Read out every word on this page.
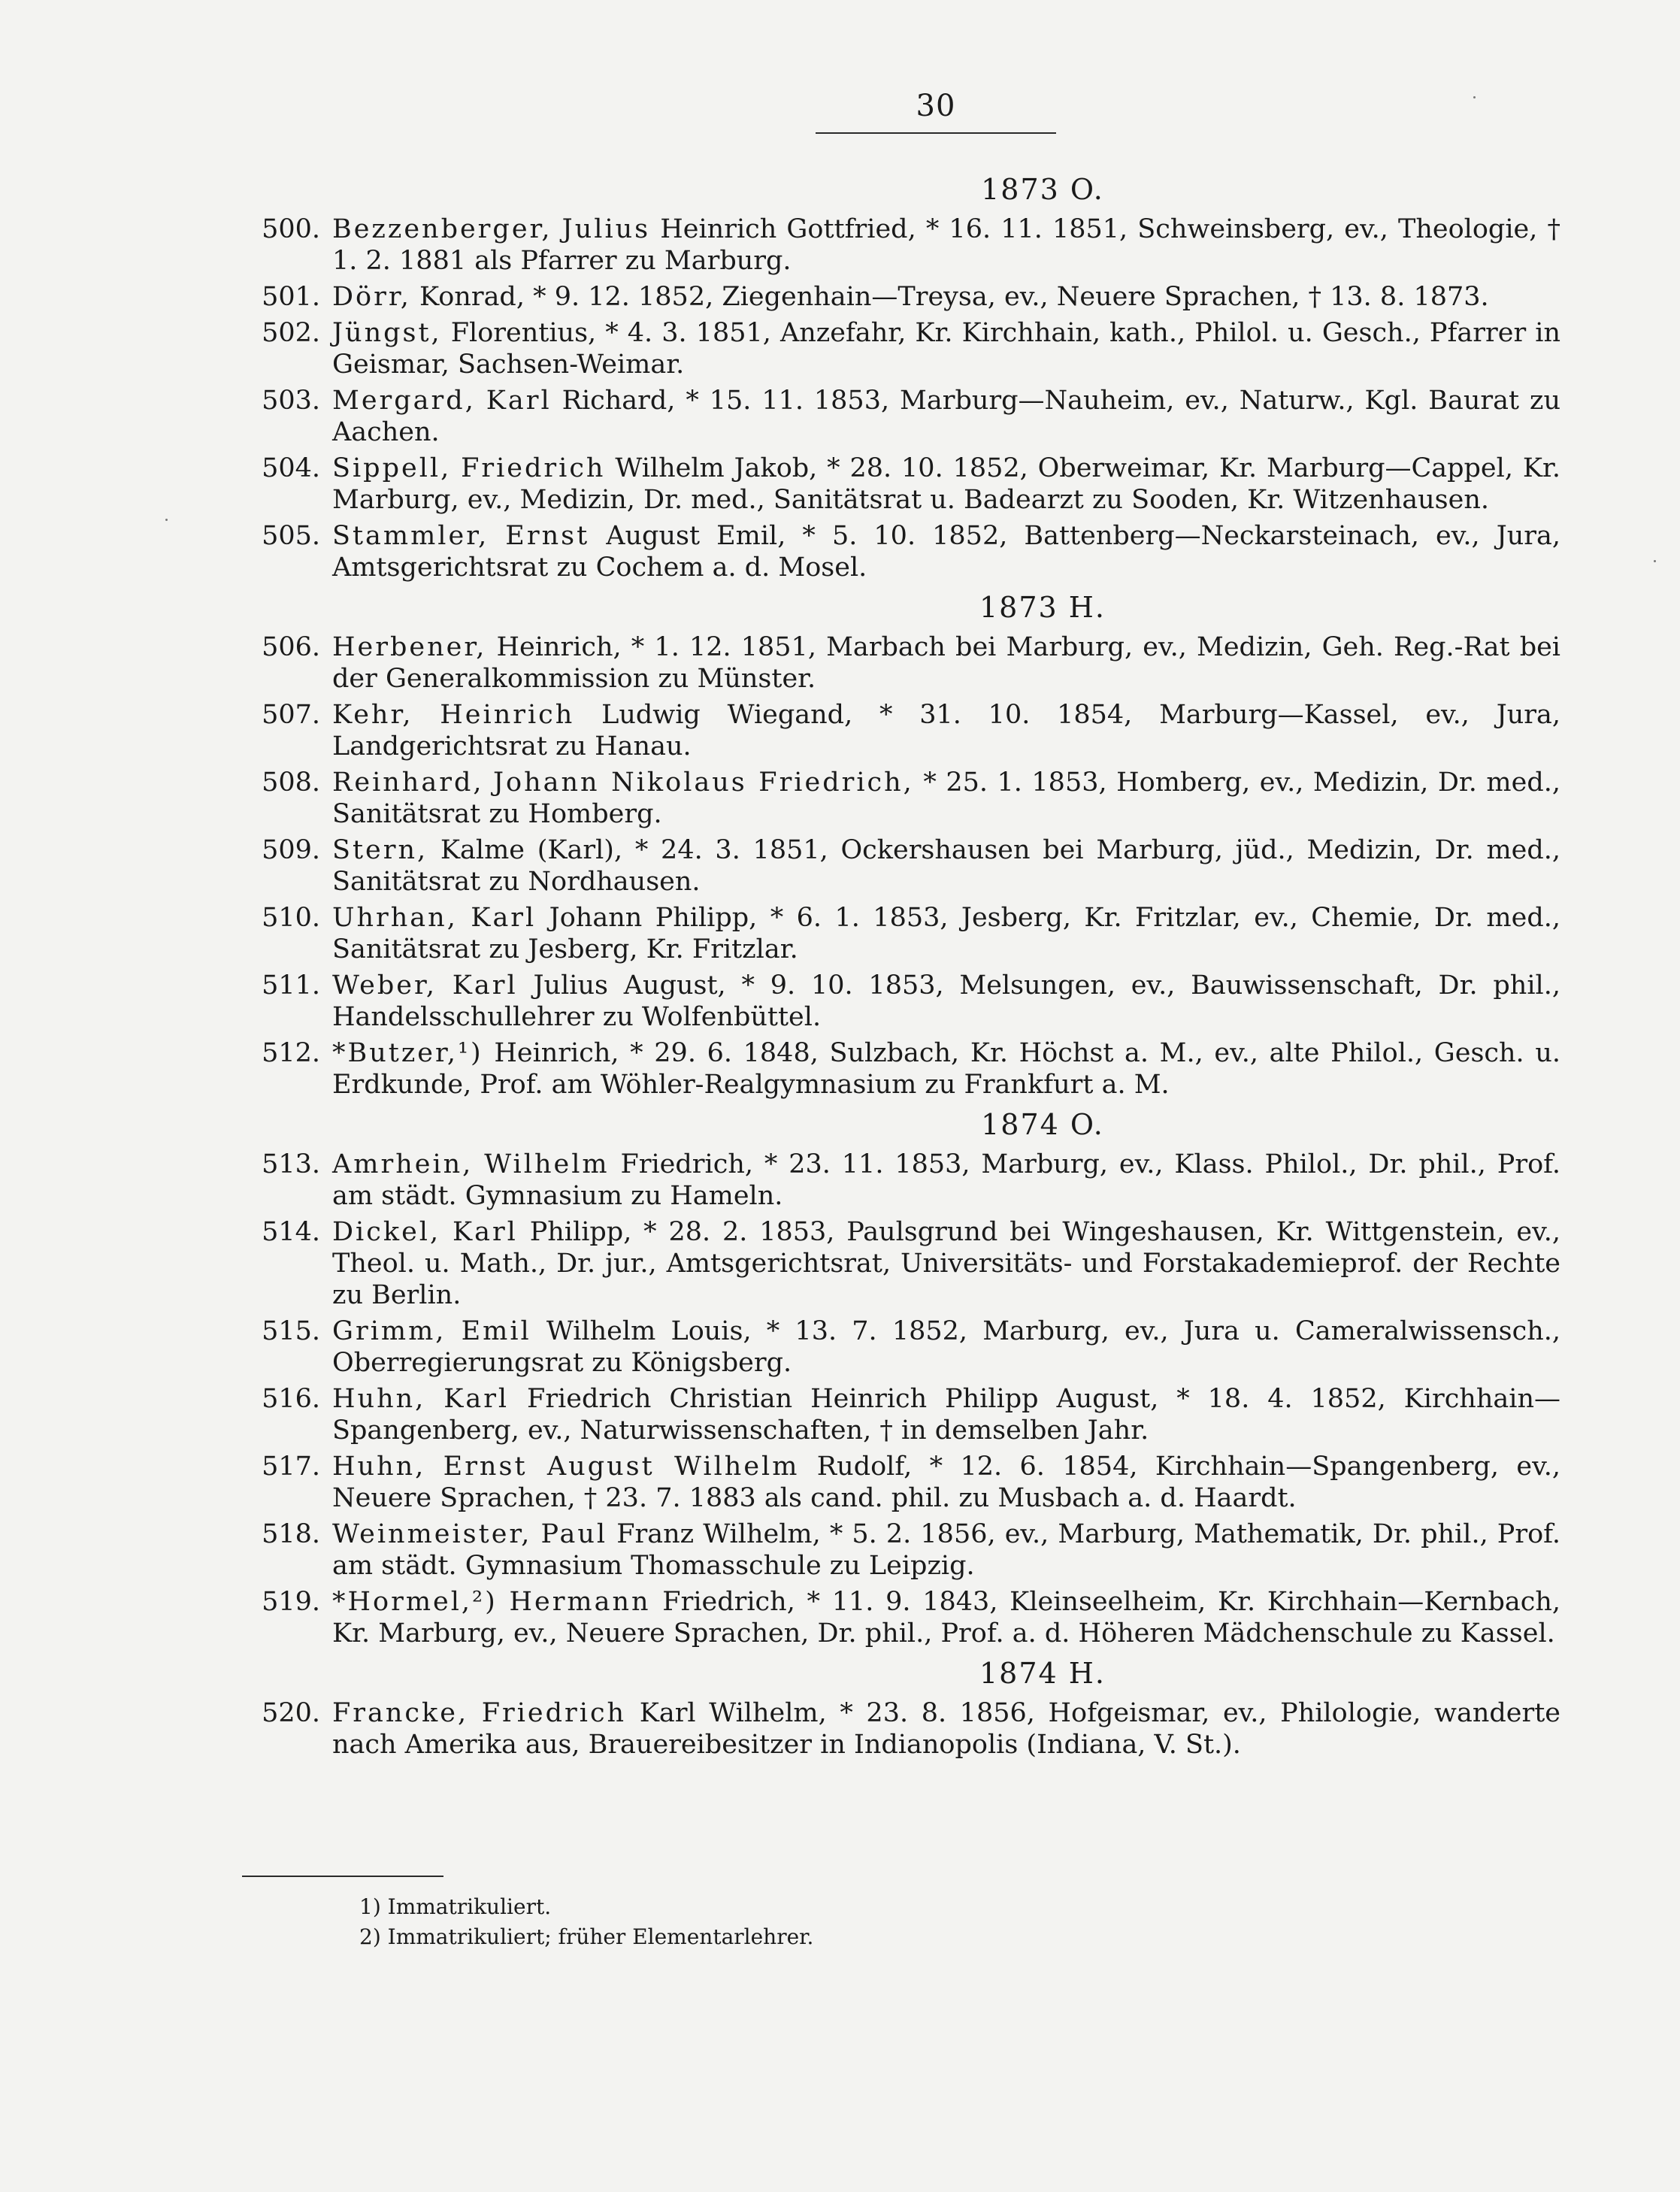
30
1873 O.
500. Bezzenberger, Julius Heinrich Gottfried, * 16. 11. 1851, Schweinsberg, ev., Theologie, † 1. 2. 1881 als Pfarrer zu Marburg.
501. Dörr, Konrad, * 9. 12. 1852, Ziegenhain—Treysa, ev., Neuere Sprachen, † 13. 8. 1873.
502. Jüngst, Florentius, * 4. 3. 1851, Anzefahr, Kr. Kirchhain, kath., Philol. u. Gesch., Pfarrer in Geismar, Sachsen-Weimar.
503. Mergard, Karl Richard, * 15. 11. 1853, Marburg—Nauheim, ev., Naturw., Kgl. Baurat zu Aachen.
504. Sippell, Friedrich Wilhelm Jakob, * 28. 10. 1852, Oberweimar, Kr. Marburg—Cappel, Kr. Marburg, ev., Medizin, Dr. med., Sanitätsrat u. Badearzt zu Sooden, Kr. Witzenhausen.
505. Stammler, Ernst August Emil, * 5. 10. 1852, Battenberg—Neckarsteinach, ev., Jura, Amtsgerichtsrat zu Cochem a. d. Mosel.
1873 H.
506. Herbener, Heinrich, * 1. 12. 1851, Marbach bei Marburg, ev., Medizin, Geh. Reg.-Rat bei der Generalkommission zu Münster.
507. Kehr, Heinrich Ludwig Wiegand, * 31. 10. 1854, Marburg—Kassel, ev., Jura, Landgerichtsrat zu Hanau.
508. Reinhard, Johann Nikolaus Friedrich, * 25. 1. 1853, Homberg, ev., Medizin, Dr. med., Sanitätsrat zu Homberg.
509. Stern, Kalme (Karl), * 24. 3. 1851, Ockershausen bei Marburg, jüd., Medizin, Dr. med., Sanitätsrat zu Nordhausen.
510. Uhrhan, Karl Johann Philipp, * 6. 1. 1853, Jesberg, Kr. Fritzlar, ev., Chemie, Dr. med., Sanitätsrat zu Jesberg, Kr. Fritzlar.
511. Weber, Karl Julius August, * 9. 10. 1853, Melsungen, ev., Bauwissenschaft, Dr. phil., Handelsschullehrer zu Wolfenbüttel.
512. *Butzer,¹) Heinrich, * 29. 6. 1848, Sulzbach, Kr. Höchst a. M., ev., alte Philol., Gesch. u. Erdkunde, Prof. am Wöhler-Realgymnasium zu Frankfurt a. M.
1874 O.
513. Amrhein, Wilhelm Friedrich, * 23. 11. 1853, Marburg, ev., Klass. Philol., Dr. phil., Prof. am städt. Gymnasium zu Hameln.
514. Dickel, Karl Philipp, * 28. 2. 1853, Paulsgrund bei Wingeshausen, Kr. Wittgenstein, ev., Theol. u. Math., Dr. jur., Amtsgerichtsrat, Universitäts- und Forstakademieprof. der Rechte zu Berlin.
515. Grimm, Emil Wilhelm Louis, * 13. 7. 1852, Marburg, ev., Jura u. Cameralwissensch., Oberregierungsrat zu Königsberg.
516. Huhn, Karl Friedrich Christian Heinrich Philipp August, * 18. 4. 1852, Kirchhain—Spangenberg, ev., Naturwissenschaften, † in demselben Jahr.
517. Huhn, Ernst August Wilhelm Rudolf, * 12. 6. 1854, Kirchhain—Spangenberg, ev., Neuere Sprachen, † 23. 7. 1883 als cand. phil. zu Musbach a. d. Haardt.
518. Weinmeister, Paul Franz Wilhelm, * 5. 2. 1856, ev., Marburg, Mathematik, Dr. phil., Prof. am städt. Gymnasium Thomasschule zu Leipzig.
519. *Hormel,²) Hermann Friedrich, * 11. 9. 1843, Kleinseelheim, Kr. Kirchhain—Kernbach, Kr. Marburg, ev., Neuere Sprachen, Dr. phil., Prof. a. d. Höheren Mädchenschule zu Kassel.
1874 H.
520. Francke, Friedrich Karl Wilhelm, * 23. 8. 1856, Hofgeismar, ev., Philologie, wanderte nach Amerika aus, Brauereibesitzer in Indianopolis (Indiana, V. St.).
1) Immatrikuliert.
2) Immatrikuliert; früher Elementarlehrer.
